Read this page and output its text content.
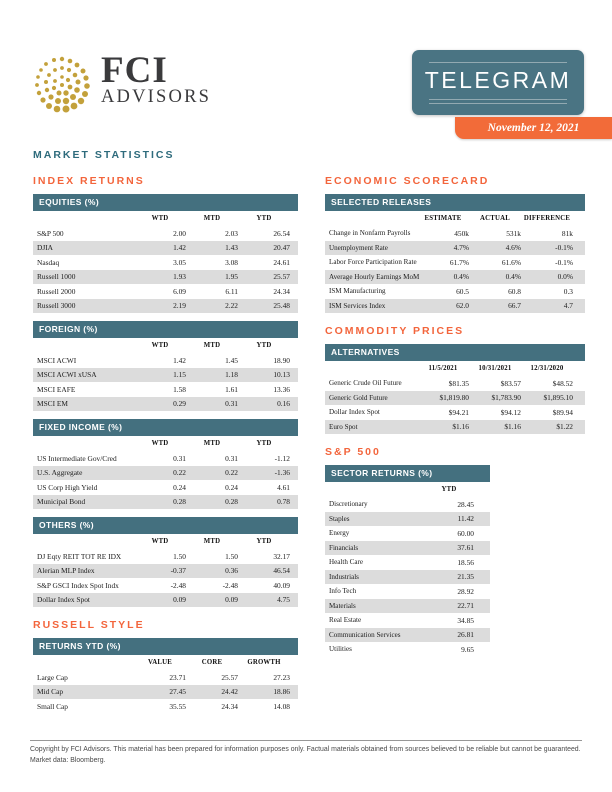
FCI
ADVISORS
TELEGRAM
November 12, 2021
MARKET STATISTICS
INDEX RETURNS
EQUITIES (%)
WTD	MTD	YTD
S&P 500	2.00	2.03	26.54
DJIA	1.42	1.43	20.47
Nasdaq	3.05	3.08	24.61
Russell 1000	1.93	1.95	25.57
Russell 2000	6.09	6.11	24.34
Russell 3000	2.19	2.22	25.48
FOREIGN (%)
WTD	MTD	YTD
MSCI ACWI	1.42	1.45	18.90
MSCI ACWI xUSA	1.15	1.18	10.13
MSCI EAFE	1.58	1.61	13.36
MSCI EM	0.29	0.31	0.16
FIXED INCOME (%)
WTD	MTD	YTD
US Intermediate Gov/Cred	0.31	0.31	-1.12
U.S. Aggregate	0.22	0.22	-1.36
US Corp High Yield	0.24	0.24	4.61
Municipal Bond	0.28	0.28	0.78
OTHERS (%)
WTD	MTD	YTD
DJ Eqty REIT TOT RE IDX	1.50	1.50	32.17
Alerian MLP Index	-0.37	0.36	46.54
S&P GSCI Index Spot Indx	-2.48	-2.48	40.09
Dollar Index Spot	0.09	0.09	4.75
RUSSELL STYLE
RETURNS YTD (%)
VALUE	CORE	GROWTH
Large Cap	23.71	25.57	27.23
Mid Cap	27.45	24.42	18.86
Small Cap	35.55	24.34	14.08
ECONOMIC SCORECARD
SELECTED RELEASES
ESTIMATE	ACTUAL	DIFFERENCE
Change in Nonfarm Payrolls	450k	531k	81k
Unemployment Rate	4.7%	4.6%	-0.1%
Labor Force Participation Rate	61.7%	61.6%	-0.1%
Average Hourly Earnings MoM	0.4%	0.4%	0.0%
ISM Manufacturing	60.5	60.8	0.3
ISM Services Index	62.0	66.7	4.7
COMMODITY PRICES
ALTERNATIVES
11/5/2021	10/31/2021	12/31/2020
Generic Crude Oil Future	$81.35	$83.57	$48.52
Generic Gold Future	$1,819.80	$1,783.90	$1,895.10
Dollar Index Spot	$94.21	$94.12	$89.94
Euro Spot	$1.16	$1.16	$1.22
S&P 500
SECTOR RETURNS (%)
YTD
Discretionary	28.45
Staples	11.42
Energy	60.00
Financials	37.61
Health Care	18.56
Industrials	21.35
Info Tech	28.92
Materials	22.71
Real Estate	34.85
Communication Services	26.81
Utilities	9.65
Copyright by FCI Advisors. This material has been prepared for information purposes only. Factual materials obtained from sources believed to be reliable but cannot be guaranteed. Market data: Bloomberg.
